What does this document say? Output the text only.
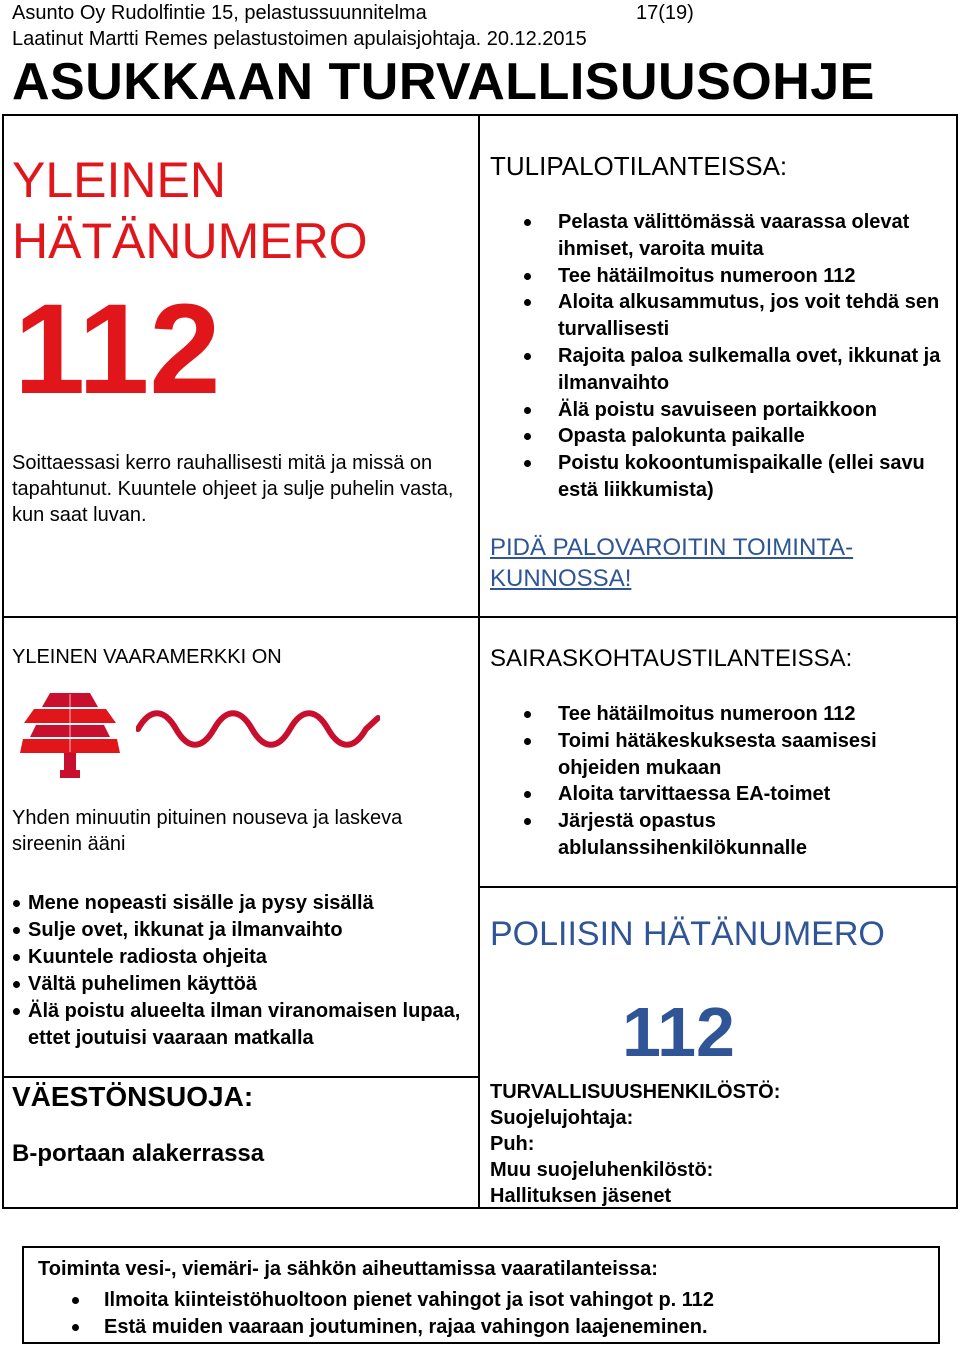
Asunto Oy Rudolfintie 15, pelastussuunnitelma	17(19)
Laatinut Martti Remes pelastustoimen apulaisjohtaja. 20.12.2015
ASUKKAAN TURVALLISUUSOHJE
YLEINEN
HÄTÄNUMERO
112
Soittaessasi kerro rauhallisesti mitä ja missä on tapahtunut. Kuuntele ohjeet ja sulje puhelin vasta, kun saat luvan.
TULIPALOTILANTEISSA:
Pelasta välittömässä vaarassa olevat ihmiset, varoita muita
Tee hätäilmoitus numeroon 112
Aloita alkusammutus, jos voit tehdä sen turvallisesti
Rajoita paloa sulkemalla ovet, ikkunat ja ilmanvaihto
Älä poistu savuiseen portaikkoon
Opasta palokunta paikalle
Poistu kokoontumispaikalle (ellei savu estä liikkumista)
PIDÄ PALOVAROITIN TOIMINTA-KUNNOSSA!
YLEINEN VAARAMERKKI ON
Yhden minuutin pituinen nouseva ja laskeva sireenin ääni
Mene nopeasti sisälle ja pysy sisällä
Sulje ovet, ikkunat ja ilmanvaihto
Kuuntele radiosta ohjeita
Vältä puhelimen käyttöä
Älä poistu alueelta ilman viranomaisen lupaa, ettet joutuisi vaaraan matkalla
SAIRASKOHTAUSTILANTEISSA:
Tee hätäilmoitus numeroon 112
Toimi hätäkeskuksesta saamisesi ohjeiden mukaan
Aloita tarvittaessa EA-toimet
Järjestä opastus ablulanssihenkilökunnalle
POLIISIN HÄTÄNUMERO
112
VÄESTÖNSUOJA:
B-portaan alakerrassa
TURVALLISUUSHENKILÖSTÖ:
Suojelujohtaja:
Puh:
Muu suojeluhenkilöstö:
Hallituksen jäsenet
Toiminta vesi-, viemäri- ja sähkön aiheuttamissa vaaratilanteissa:
Ilmoita kiinteistöhuoltoon pienet vahingot ja isot vahingot p. 112
Estä muiden vaaraan joutuminen, rajaa vahingon laajeneminen.
